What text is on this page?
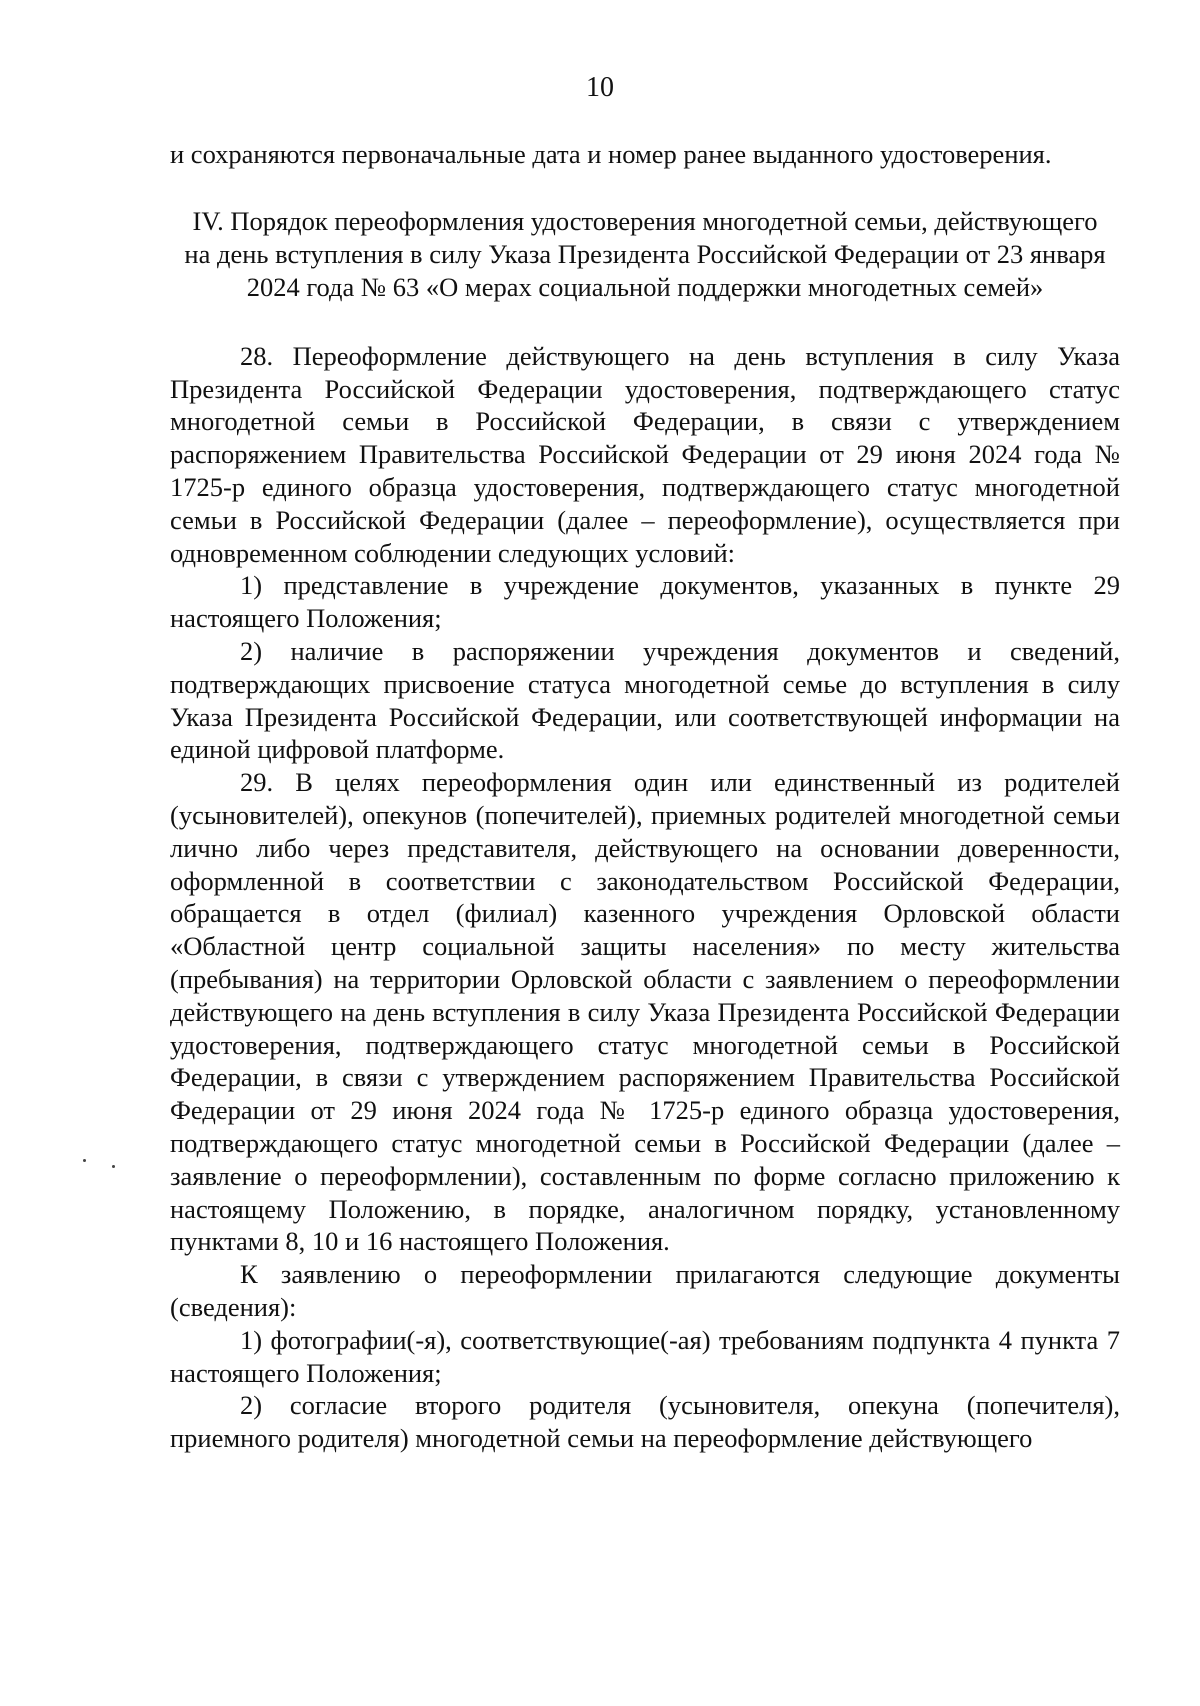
10

и сохраняются первоначальные дата и номер ранее выданного удостоверения.

IV. Порядок переоформления удостоверения многодетной семьи, действующего на день вступления в силу Указа Президента Российской Федерации от 23 января 2024 года № 63 «О мерах социальной поддержки многодетных семей»

28. Переоформление действующего на день вступления в силу Указа Президента Российской Федерации удостоверения, подтверждающего статус многодетной семьи в Российской Федерации, в связи с утверждением распоряжением Правительства Российской Федерации от 29 июня 2024 года № 1725-р единого образца удостоверения, подтверждающего статус многодетной семьи в Российской Федерации (далее – переоформление), осуществляется при одновременном соблюдении следующих условий:

1) представление в учреждение документов, указанных в пункте 29 настоящего Положения;

2) наличие в распоряжении учреждения документов и сведений, подтверждающих присвоение статуса многодетной семье до вступления в силу Указа Президента Российской Федерации, или соответствующей информации на единой цифровой платформе.

29. В целях переоформления один или единственный из родителей (усыновителей), опекунов (попечителей), приемных родителей многодетной семьи лично либо через представителя, действующего на основании доверенности, оформленной в соответствии с законодательством Российской Федерации, обращается в отдел (филиал) казенного учреждения Орловской области «Областной центр социальной защиты населения» по месту жительства (пребывания) на территории Орловской области с заявлением о переоформлении действующего на день вступления в силу Указа Президента Российской Федерации удостоверения, подтверждающего статус многодетной семьи в Российской Федерации, в связи с утверждением распоряжением Правительства Российской Федерации от 29 июня 2024 года № 1725-р единого образца удостоверения, подтверждающего статус многодетной семьи в Российской Федерации (далее – заявление о переоформлении), составленным по форме согласно приложению к настоящему Положению, в порядке, аналогичном порядку, установленному пунктами 8, 10 и 16 настоящего Положения.

К заявлению о переоформлении прилагаются следующие документы (сведения):

1) фотографии(-я), соответствующие(-ая) требованиям подпункта 4 пункта 7 настоящего Положения;

2) согласие второго родителя (усыновителя, опекуна (попечителя), приемного родителя) многодетной семьи на переоформление действующего
